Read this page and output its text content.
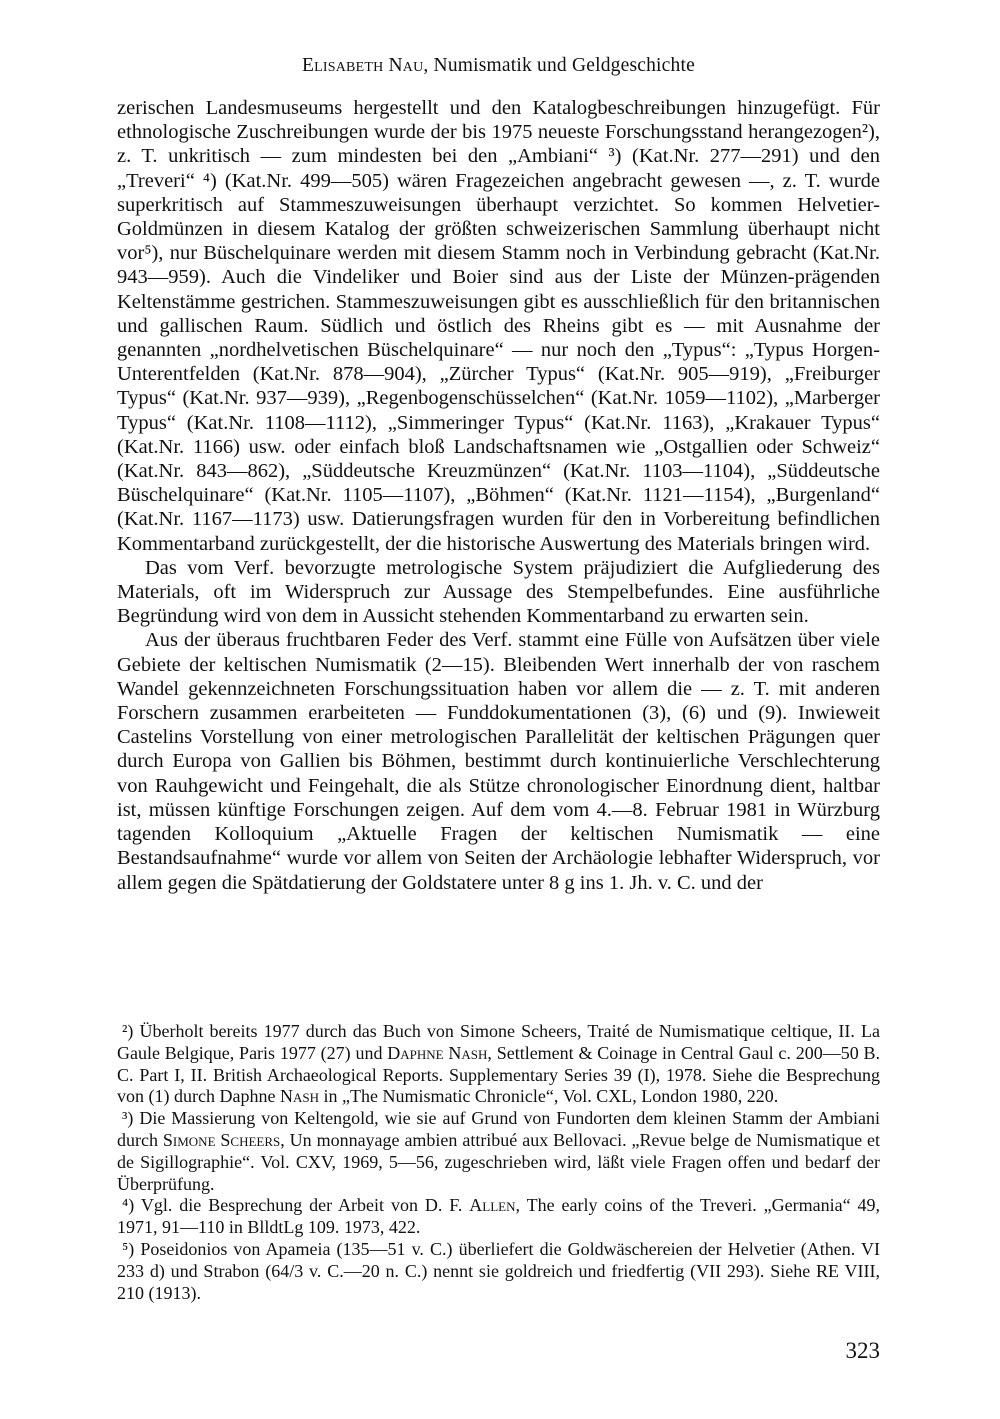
Elisabeth Nau, Numismatik und Geldgeschichte

zerischen Landesmuseums hergestellt und den Katalogbeschreibungen hinzugefügt. Für ethnologische Zuschreibungen wurde der bis 1975 neueste Forschungsstand herangezogen²), z. T. unkritisch — zum mindesten bei den „Ambiani“ ³) (Kat.Nr. 277—291) und den „Treveri“ ⁴) (Kat.Nr. 499—505) wären Fragezeichen angebracht gewesen —, z. T. wurde superkritisch auf Stammeszuweisungen überhaupt verzichtet. So kommen Helvetier-Goldmünzen in diesem Katalog der größten schweizerischen Sammlung überhaupt nicht vor⁵), nur Büschelquinare werden mit diesem Stamm noch in Verbindung gebracht (Kat.Nr. 943—959). Auch die Vindeliker und Boier sind aus der Liste der Münzen-prägenden Keltenstämme gestrichen. Stammeszuweisungen gibt es ausschließlich für den britannischen und gallischen Raum. Südlich und östlich des Rheins gibt es — mit Ausnahme der genannten „nordhelvetischen Büschelquinare“ — nur noch den „Typus“: „Typus Horgen-Unterentfelden (Kat.Nr. 878—904), „Zürcher Typus“ (Kat.Nr. 905—919), „Freiburger Typus“ (Kat.Nr. 937—939), „Regenbogenschüsselchen“ (Kat.Nr. 1059—1102), „Marberger Typus“ (Kat.Nr. 1108—1112), „Simmeringer Typus“ (Kat.Nr. 1163), „Krakauer Typus“ (Kat.Nr. 1166) usw. oder einfach bloß Landschaftsnamen wie „Ostgallien oder Schweiz“ (Kat.Nr. 843—862), „Süddeutsche Kreuzmünzen“ (Kat.Nr. 1103—1104), „Süddeutsche Büschelquinare“ (Kat.Nr. 1105—1107), „Böhmen“ (Kat.Nr. 1121—1154), „Burgenland“ (Kat.Nr. 1167—1173) usw. Datierungsfragen wurden für den in Vorbereitung befindlichen Kommentarband zurückgestellt, der die historische Auswertung des Materials bringen wird.

Das vom Verf. bevorzugte metrologische System präjudiziert die Aufgliederung des Materials, oft im Widerspruch zur Aussage des Stempelbefundes. Eine ausführliche Begründung wird von dem in Aussicht stehenden Kommentarband zu erwarten sein.

Aus der überaus fruchtbaren Feder des Verf. stammt eine Fülle von Aufsätzen über viele Gebiete der keltischen Numismatik (2—15). Bleibenden Wert innerhalb der von raschem Wandel gekennzeichneten Forschungssituation haben vor allem die — z. T. mit anderen Forschern zusammen erarbeiteten — Funddokumentationen (3), (6) und (9). Inwieweit Castelins Vorstellung von einer metrologischen Parallelität der keltischen Prägungen quer durch Europa von Gallien bis Böhmen, bestimmt durch kontinuierliche Verschlechterung von Rauhgewicht und Feingehalt, die als Stütze chronologischer Einordnung dient, haltbar ist, müssen künftige Forschungen zeigen. Auf dem vom 4.—8. Februar 1981 in Würzburg tagenden Kolloquium „Aktuelle Fragen der keltischen Numismatik — eine Bestandsaufnahme“ wurde vor allem von Seiten der Archäologie lebhafter Widerspruch, vor allem gegen die Spätdatierung der Goldstatere unter 8 g ins 1. Jh. v. C. und der

²) Überholt bereits 1977 durch das Buch von Simone Scheers, Traité de Numismatique celtique, II. La Gaule Belgique, Paris 1977 (27) und Daphne Nash, Settlement & Coinage in Central Gaul c. 200—50 B. C. Part I, II. British Archaeological Reports. Supplementary Series 39 (I), 1978. Siehe die Besprechung von (1) durch Daphne Nash in „The Numismatic Chronicle“, Vol. CXL, London 1980, 220.

³) Die Massierung von Keltengold, wie sie auf Grund von Fundorten dem kleinen Stamm der Ambiani durch Simone Scheers, Un monnayage ambien attribué aux Bellovaci. „Revue belge de Numismatique et de Sigillographie“. Vol. CXV, 1969, 5—56, zugeschrieben wird, läßt viele Fragen offen und bedarf der Überprüfung.

⁴) Vgl. die Besprechung der Arbeit von D. F. Allen, The early coins of the Treveri. „Germania“ 49, 1971, 91—110 in BlldtLg 109. 1973, 422.

⁵) Poseidonios von Apameia (135—51 v. C.) überliefert die Goldwäschereien der Helvetier (Athen. VI 233 d) und Strabon (64/3 v. C.—20 n. C.) nennt sie goldreich und friedfertig (VII 293). Siehe RE VIII, 210 (1913).

323
